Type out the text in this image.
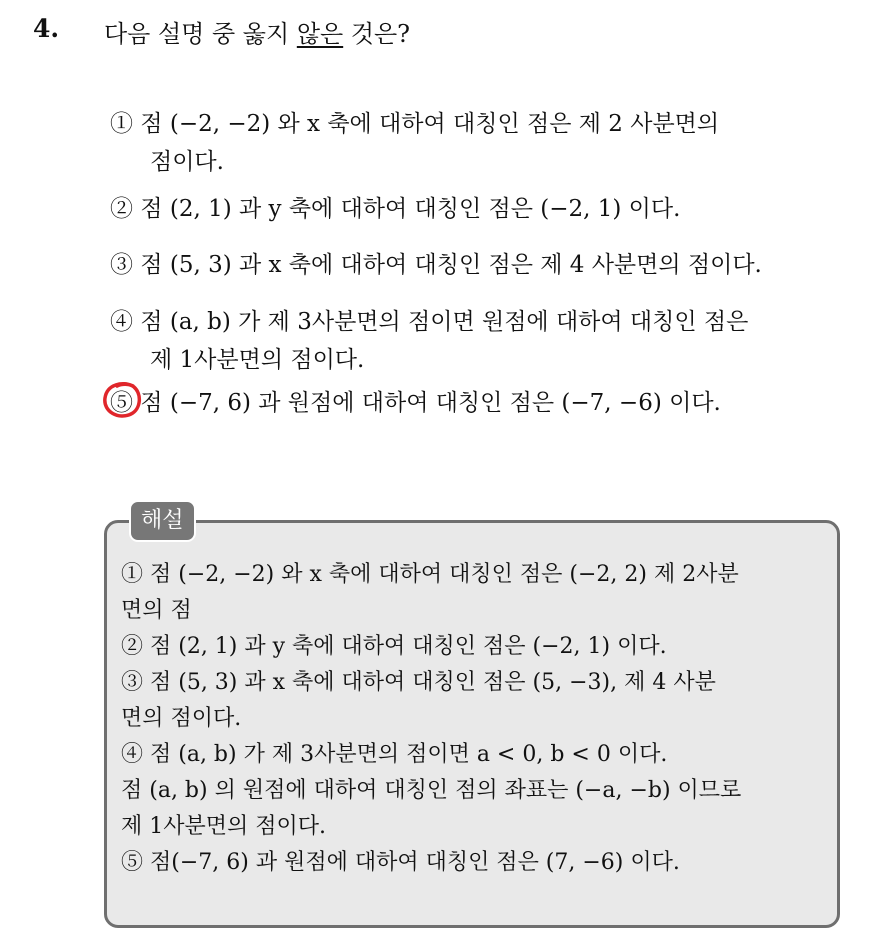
4. 다음 설명 중 옳지 않은 것은?
① 점 (−2, −2) 와 x 축에 대하여 대칭인 점은 제 2 사분면의
점이다.
② 점 (2, 1) 과 y 축에 대하여 대칭인 점은 (−2, 1) 이다.
③ 점 (5, 3) 과 x 축에 대하여 대칭인 점은 제 4 사분면의 점이다.
④ 점 (a, b) 가 제 3사분면의 점이면 원점에 대하여 대칭인 점은
제 1사분면의 점이다.
⑤ 점 (−7, 6) 과 원점에 대하여 대칭인 점은 (−7, −6) 이다.
해설
① 점 (−2, −2) 와 x 축에 대하여 대칭인 점은 (−2, 2) 제 2사분
면의 점
② 점 (2, 1) 과 y 축에 대하여 대칭인 점은 (−2, 1) 이다.
③ 점 (5, 3) 과 x 축에 대하여 대칭인 점은 (5, −3), 제 4 사분
면의 점이다.
④ 점 (a, b) 가 제 3사분면의 점이면 a < 0, b < 0 이다.
점 (a, b) 의 원점에 대하여 대칭인 점의 좌표는 (−a, −b) 이므로
제 1사분면의 점이다.
⑤ 점(−7, 6) 과 원점에 대하여 대칭인 점은 (7, −6) 이다.
